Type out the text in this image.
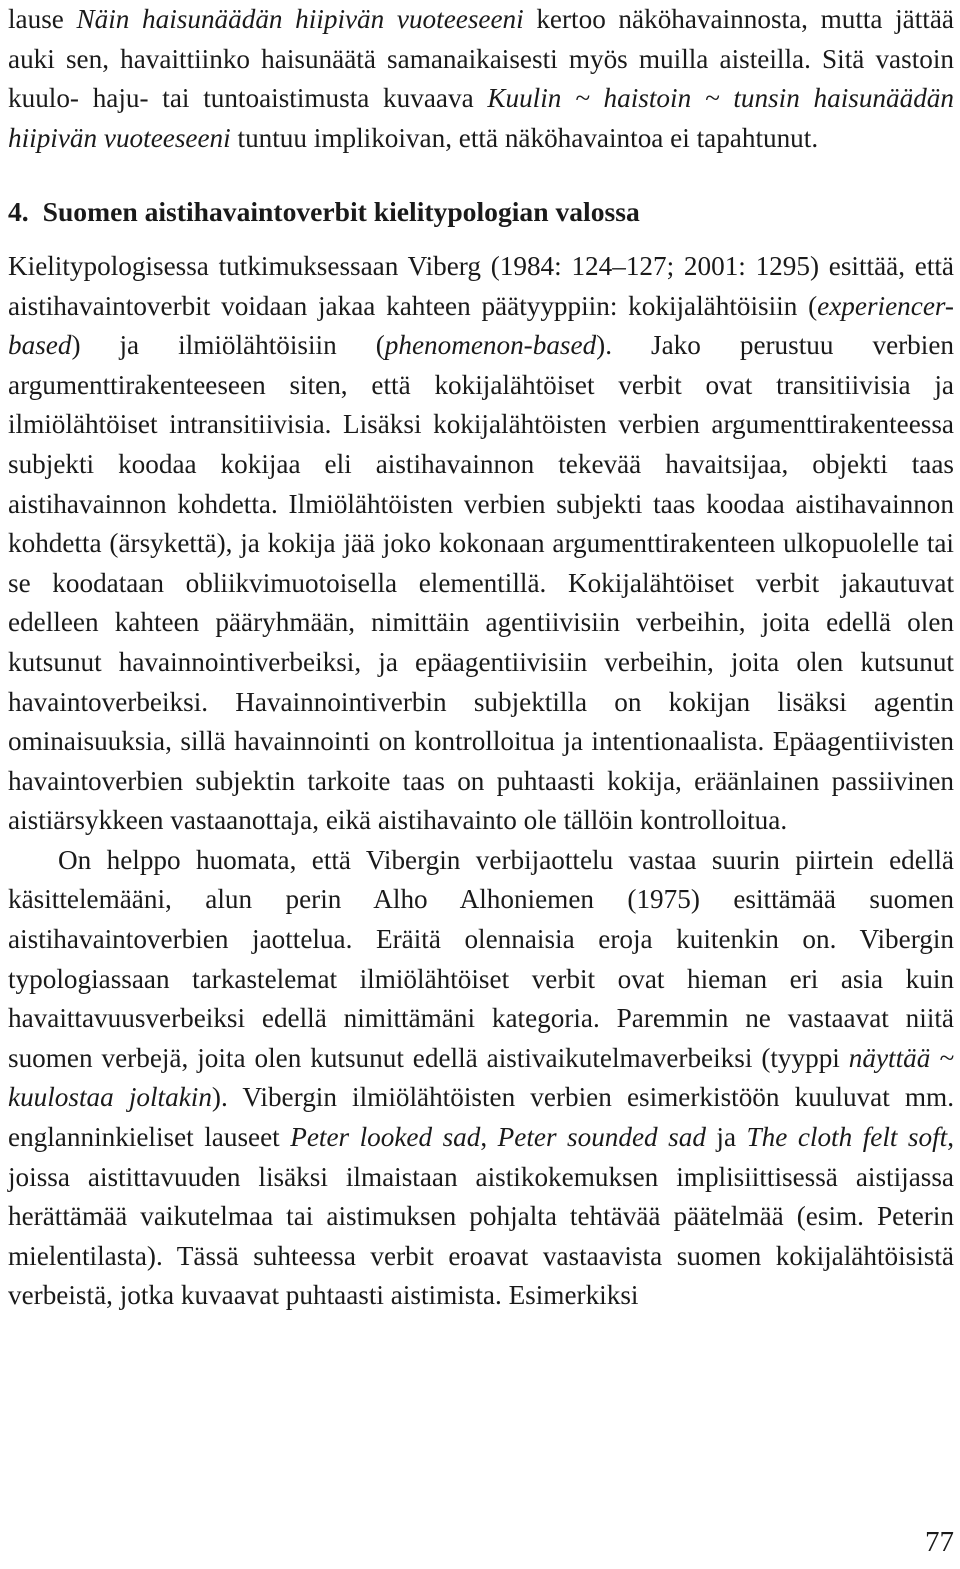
lause Näin haisunäädän hiipivän vuoteeseeni kertoo näköhavainnosta, mutta jättää auki sen, havaittiinko haisunäätä samanaikaisesti myös muilla aisteilla. Sitä vastoin kuulo- haju- tai tuntoaistimusta kuvaava Kuulin ~ haistoin ~ tunsin haisunäädän hiipivän vuoteeseeni tuntuu implikoivan, että näköhavaintoa ei tapahtunut.

4. Suomen aistihavaintoverbit kielitypologian valossa

Kielitypologisessa tutkimuksessaan Viberg (1984: 124–127; 2001: 1295) esittää, että aistihavaintoverbit voidaan jakaa kahteen päätyyppiin: kokijalähtöisiin (experiencer-based) ja ilmiölähtöisiin (phenomenon-based). Jako perustuu verbien argumenttirakenteeseen siten, että kokijalähtöiset verbit ovat transitiivisia ja ilmiölähtöiset intransitiivisia. Lisäksi kokijalähtöisten verbien argumenttirakenteessa subjekti koodaa kokijaa eli aistihavainnon tekevää havaitsijaa, objekti taas aistihavainnon kohdetta. Ilmiölähtöisten verbien subjekti taas koodaa aistihavainnon kohdetta (ärsykettä), ja kokija jää joko kokonaan argumenttirakenteen ulkopuolelle tai se koodataan obliikvimuotoisella elementillä. Kokijalähtöiset verbit jakautuvat edelleen kahteen pääryhmään, nimittäin agentiivisiin verbeihin, joita edellä olen kutsunut havainnointiverbeiksi, ja epäagentiivisiin verbeihin, joita olen kutsunut havaintoverbeiksi. Havainnointiverbin subjektilla on kokijan lisäksi agentin ominaisuuksia, sillä havainnointi on kontrolloitua ja intentionaalista. Epäagentiivisten havaintoverbien subjektin tarkoite taas on puhtaasti kokija, eräänlainen passiivinen aistiärsykkeen vastaanottaja, eikä aistihavainto ole tällöin kontrolloitua.

On helppo huomata, että Vibergin verbijaottelu vastaa suurin piirtein edellä käsittelemääni, alun perin Alho Alhoniemen (1975) esittämää suomen aistihavaintoverbien jaottelua. Eräitä olennaisia eroja kuitenkin on. Vibergin typologiassaan tarkastelemat ilmiölähtöiset verbit ovat hieman eri asia kuin havaittavuusverbeiksi edellä nimittämäni kategoria. Paremmin ne vastaavat niitä suomen verbejä, joita olen kutsunut edellä aistivaikutelmaverbeiksi (tyyppi näyttää ~ kuulostaa joltakin). Vibergin ilmiölähtöisten verbien esimerkistöön kuuluvat mm. englanninkieliset lauseet Peter looked sad, Peter sounded sad ja The cloth felt soft, joissa aistittavuuden lisäksi ilmaistaan aistikokemuksen implisiittisessä aistijassa herättämää vaikutelmaa tai aistimuksen pohjalta tehtävää päätelmää (esim. Peterin mielentilasta). Tässä suhteessa verbit eroavat vastaavista suomen kokijalähtöisistä verbeistä, jotka kuvaavat puhtaasti aistimista. Esimerkiksi

77
